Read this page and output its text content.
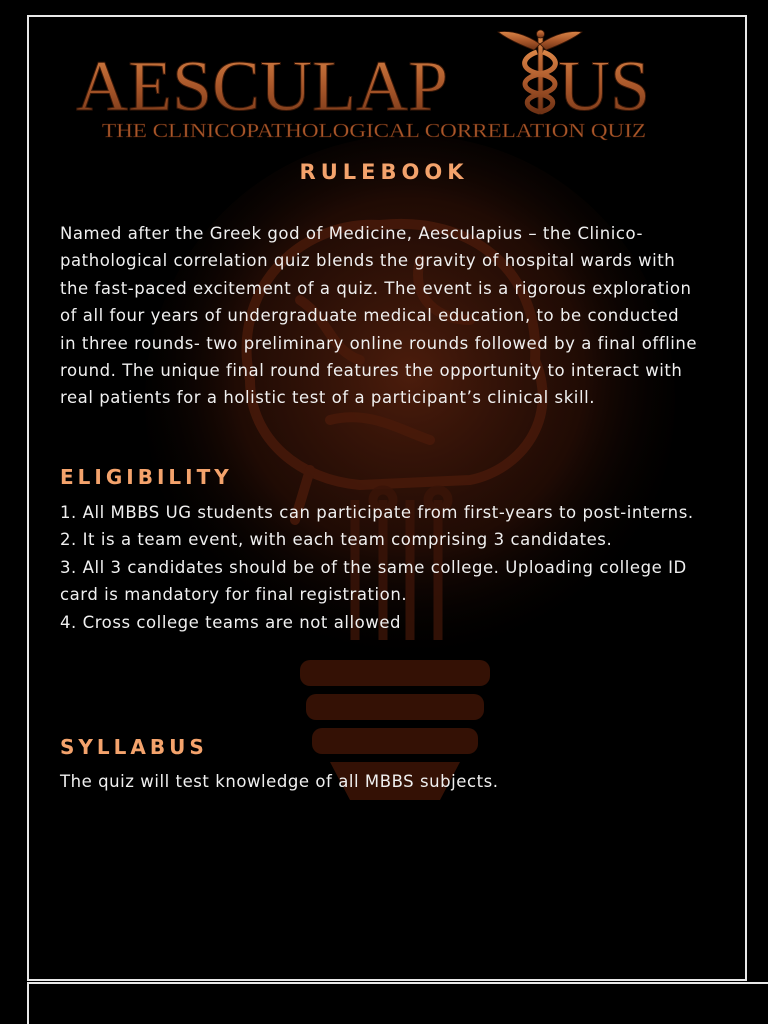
AESCULAP US
THE CLINICOPATHOLOGICAL CORRELATION QUIZ
RULEBOOK
Named after the Greek god of Medicine, Aesculapius – the Clinico-pathological correlation quiz blends the gravity of hospital wards with the fast-paced excitement of a quiz. The event is a rigorous exploration of all four years of undergraduate medical education, to be conducted in three rounds- two preliminary online rounds followed by a final offline round. The unique final round features the opportunity to interact with real patients for a holistic test of a participant’s clinical skill.
ELIGIBILITY
1. All MBBS UG students can participate from first-years to post-interns.
2. It is a team event, with each team comprising 3 candidates.
3. All 3 candidates should be of the same college. Uploading college ID card is mandatory for final registration.
4. Cross college teams are not allowed
SYLLABUS
The quiz will test knowledge of all MBBS subjects.
